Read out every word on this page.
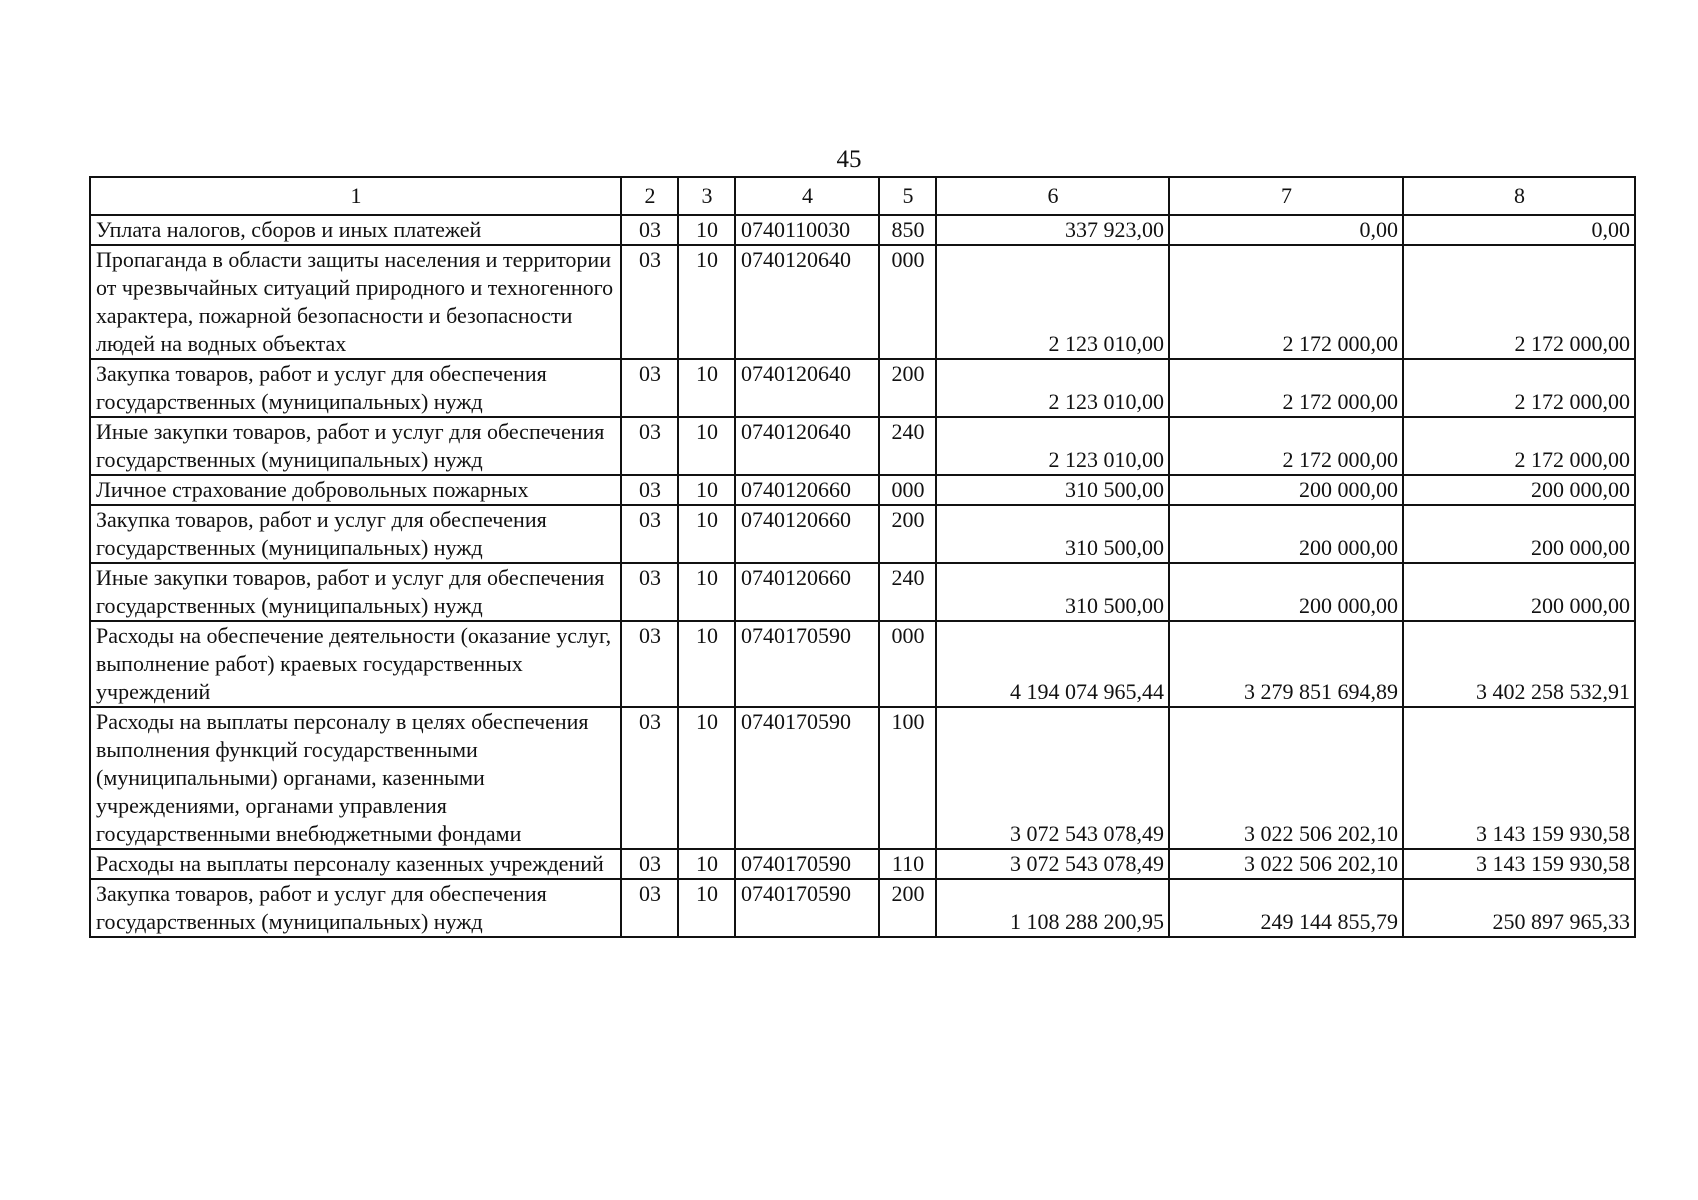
45
1	2	3	4	5	6	7	8
Уплата налогов, сборов и иных платежей	03	10	0740110030	850	337 923,00	0,00	0,00
Пропаганда в области защиты населения и территории от чрезвычайных ситуаций природного и техногенного характера, пожарной безопасности и безопасности людей на водных объектах	03	10	0740120640	000	2 123 010,00	2 172 000,00	2 172 000,00
Закупка товаров, работ и услуг для обеспечения государственных (муниципальных) нужд	03	10	0740120640	200	2 123 010,00	2 172 000,00	2 172 000,00
Иные закупки товаров, работ и услуг для обеспечения государственных (муниципальных) нужд	03	10	0740120640	240	2 123 010,00	2 172 000,00	2 172 000,00
Личное страхование добровольных пожарных	03	10	0740120660	000	310 500,00	200 000,00	200 000,00
Закупка товаров, работ и услуг для обеспечения государственных (муниципальных) нужд	03	10	0740120660	200	310 500,00	200 000,00	200 000,00
Иные закупки товаров, работ и услуг для обеспечения государственных (муниципальных) нужд	03	10	0740120660	240	310 500,00	200 000,00	200 000,00
Расходы на обеспечение деятельности (оказание услуг, выполнение работ) краевых государственных учреждений	03	10	0740170590	000	4 194 074 965,44	3 279 851 694,89	3 402 258 532,91
Расходы на выплаты персоналу в целях обеспечения выполнения функций государственными (муниципальными) органами, казенными учреждениями, органами управления государственными внебюджетными фондами	03	10	0740170590	100	3 072 543 078,49	3 022 506 202,10	3 143 159 930,58
Расходы на выплаты персоналу казенных учреждений	03	10	0740170590	110	3 072 543 078,49	3 022 506 202,10	3 143 159 930,58
Закупка товаров, работ и услуг для обеспечения государственных (муниципальных) нужд	03	10	0740170590	200	1 108 288 200,95	249 144 855,79	250 897 965,33
